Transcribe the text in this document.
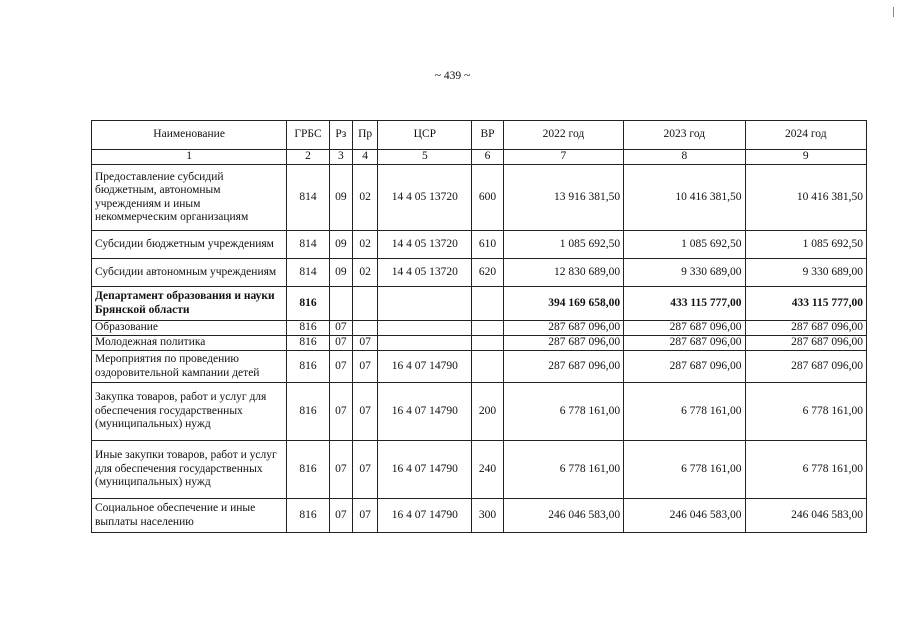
~ 439 ~
Наименование	ГРБС	Рз	Пр	ЦСР	ВР	2022 год	2023 год	2024 год
1	2	3	4	5	6	7	8	9
Предоставление субсидий бюджетным, автономным учреждениям и иным некоммерческим организациям	814	09	02	14 4 05 13720	600	13 916 381,50	10 416 381,50	10 416 381,50
Субсидии бюджетным учреждениям	814	09	02	14 4 05 13720	610	1 085 692,50	1 085 692,50	1 085 692,50
Субсидии автономным учреждениям	814	09	02	14 4 05 13720	620	12 830 689,00	9 330 689,00	9 330 689,00
Департамент образования и науки Брянской области	816					394 169 658,00	433 115 777,00	433 115 777,00
Образование	816	07				287 687 096,00	287 687 096,00	287 687 096,00
Молодежная политика	816	07	07			287 687 096,00	287 687 096,00	287 687 096,00
Мероприятия по проведению оздоровительной кампании детей	816	07	07	16 4 07 14790		287 687 096,00	287 687 096,00	287 687 096,00
Закупка товаров, работ и услуг для обеспечения государственных (муниципальных) нужд	816	07	07	16 4 07 14790	200	6 778 161,00	6 778 161,00	6 778 161,00
Иные закупки товаров, работ и услуг для обеспечения государственных (муниципальных) нужд	816	07	07	16 4 07 14790	240	6 778 161,00	6 778 161,00	6 778 161,00
Социальное обеспечение и иные выплаты населению	816	07	07	16 4 07 14790	300	246 046 583,00	246 046 583,00	246 046 583,00
